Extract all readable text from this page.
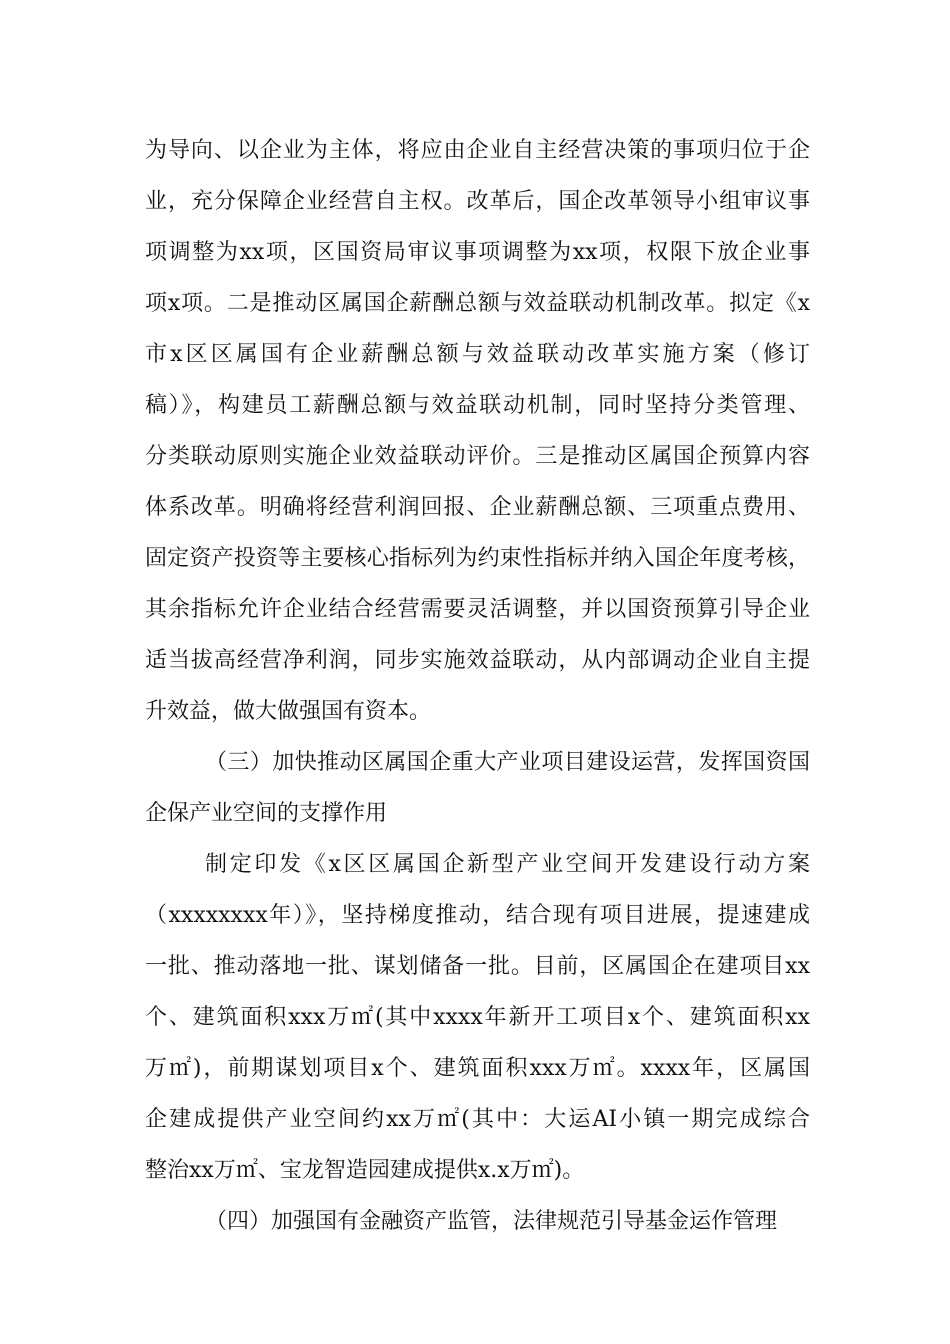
为导向、以企业为主体，将应由企业自主经营决策的事项归位于企
业，充分保障企业经营自主权。改革后，国企改革领导小组审议事
项调整为xx项，区国资局审议事项调整为xx项，权限下放企业事
项x项。二是推动区属国企薪酬总额与效益联动机制改革。拟定《x
市x区区属国有企业薪酬总额与效益联动改革实施方案（修订
稿）》，构建员工薪酬总额与效益联动机制，同时坚持分类管理、
分类联动原则实施企业效益联动评价。三是推动区属国企预算内容
体系改革。明确将经营利润回报、企业薪酬总额、三项重点费用、
固定资产投资等主要核心指标列为约束性指标并纳入国企年度考核，
其余指标允许企业结合经营需要灵活调整，并以国资预算引导企业
适当拔高经营净利润，同步实施效益联动，从内部调动企业自主提
升效益，做大做强国有资本。
（三）加快推动区属国企重大产业项目建设运营，发挥国资国
企保产业空间的支撑作用
制定印发《x区区属国企新型产业空间开发建设行动方案
（xxxxxxxx年）》，坚持梯度推动，结合现有项目进展，提速建成
一批、推动落地一批、谋划储备一批。目前，区属国企在建项目xx
个、建筑面积xxx万㎡(其中xxxx年新开工项目x个、建筑面积xx
万㎡)，前期谋划项目x个、建筑面积xxx万㎡。xxxx年，区属国
企建成提供产业空间约xx万㎡(其中：大运AI小镇一期完成综合
整治xx万㎡、宝龙智造园建成提供x.x万㎡)。
（四）加强国有金融资产监管，法律规范引导基金运作管理
